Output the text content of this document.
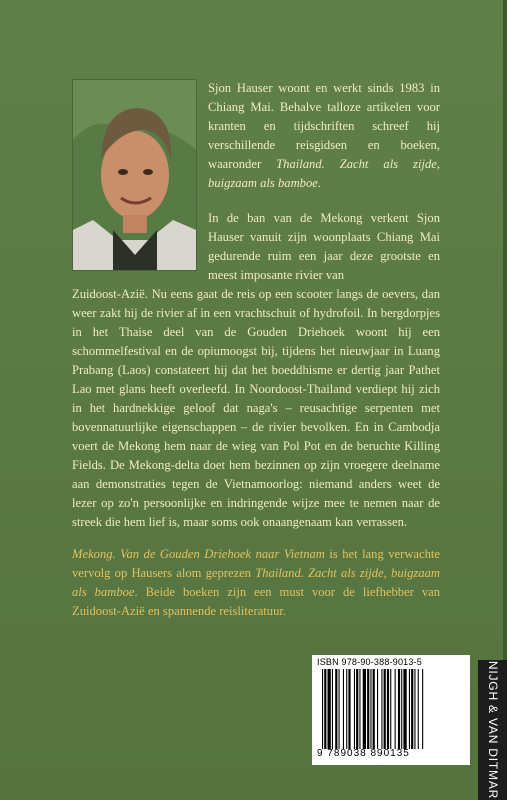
Sjon Hauser woont en werkt sinds 1983 in Chiang Mai. Behalve talloze artikelen voor kranten en tijdschriften schreef hij verschillende reisgidsen en boeken, waaronder Thailand. Zacht als zijde, buigzaam als bamboe.
In de ban van de Mekong verkent Sjon Hauser vanuit zijn woonplaats Chiang Mai gedurende ruim een jaar deze grootste en meest imposante rivier van
Zuidoost-Azië. Nu eens gaat de reis op een scooter langs de oevers, dan weer zakt hij de rivier af in een vrachtschuit of hydrofoil. In bergdorpjes in het Thaise deel van de Gouden Driehoek woont hij een schommelfestival en de opiumoogst bij, tijdens het nieuwjaar in Luang Prabang (Laos) constateert hij dat het boeddhisme er dertig jaar Pathet Lao met glans heeft overleefd. In Noordoost-Thailand verdiept hij zich in het hardnekkige geloof dat naga's – reusachtige serpenten met bovennatuurlijke eigenschappen – de rivier bevolken. En in Cambodja voert de Mekong hem naar de wieg van Pol Pot en de beruchte Killing Fields. De Mekong-delta doet hem bezinnen op zijn vroegere deelname aan demonstraties tegen de Vietnamoorlog: niemand anders weet de lezer op zo'n persoonlijke en indringende wijze mee te nemen naar de streek die hem lief is, maar soms ook onaangenaam kan verrassen.
Mekong. Van de Gouden Driehoek naar Vietnam is het lang verwachte vervolg op Hausers alom geprezen Thailand. Zacht als zijde, buigzaam als bamboe. Beide boeken zijn een must voor de liefhebber van Zuidoost-Azië en spannende reisliteratuur.
ISBN 978-90-388-9013-5
9 789038 890135	NIJGH & VAN DITMAR
